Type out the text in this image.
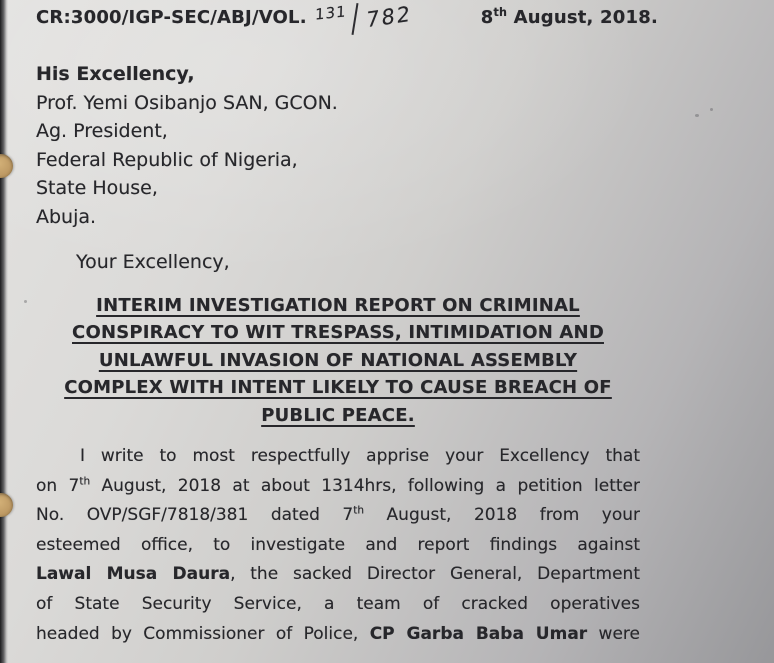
CR:3000/IGP-SEC/ABJ/VOL. 131 782	8th August, 2018.
His Excellency,
Prof. Yemi Osibanjo SAN, GCON.
Ag. President,
Federal Republic of Nigeria,
State House,
Abuja.
Your Excellency,
INTERIM INVESTIGATION REPORT ON CRIMINAL
CONSPIRACY TO WIT TRESPASS, INTIMIDATION AND
UNLAWFUL INVASION OF NATIONAL ASSEMBLY
COMPLEX WITH INTENT LIKELY TO CAUSE BREACH OF
PUBLIC PEACE.
I write to most respectfully apprise your Excellency that
on 7th August, 2018 at about 1314hrs, following a petition letter
No. OVP/SGF/7818/381 dated 7th August, 2018 from your
esteemed office, to investigate and report findings against
Lawal Musa Daura, the sacked Director General, Department
of State Security Service, a team of cracked operatives
headed by Commissioner of Police, CP Garba Baba Umar were
